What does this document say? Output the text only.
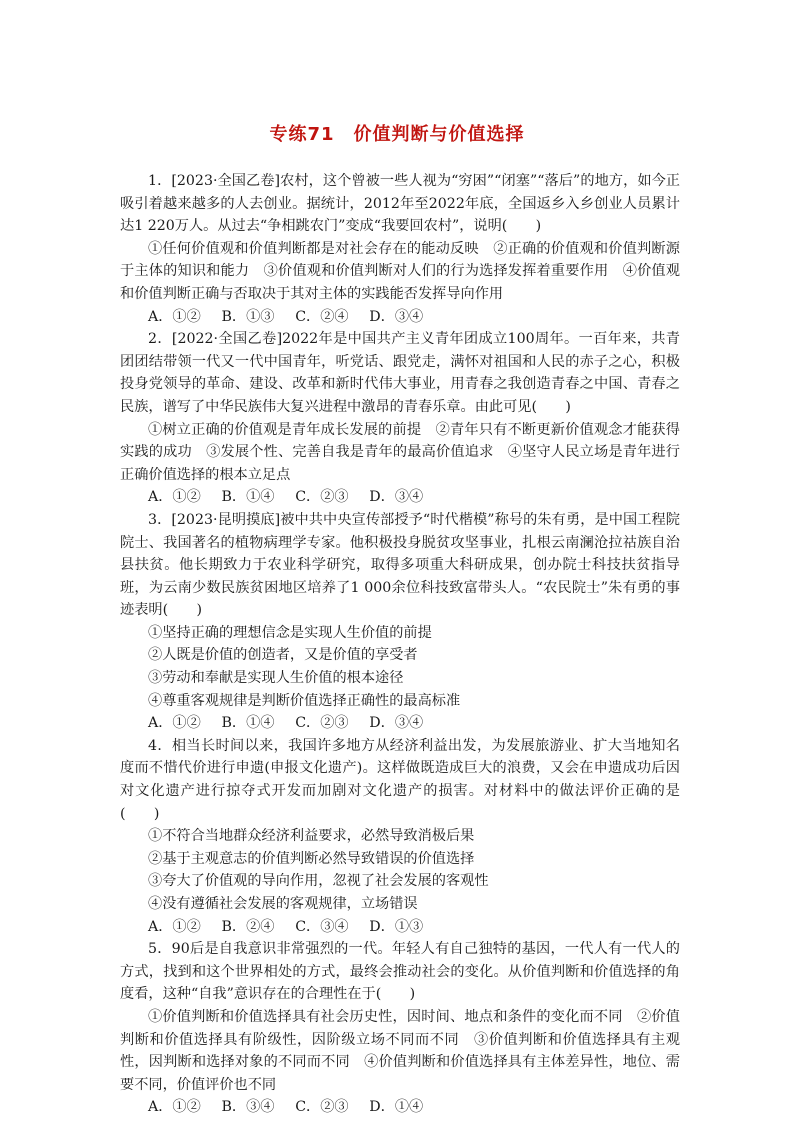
专练71　价值判断与价值选择

1．[2023·全国乙卷]农村，这个曾被一些人视为“穷困”“闭塞”“落后”的地方，如今正吸引着越来越多的人去创业。据统计，2012年至2022年底，全国返乡入乡创业人员累计达1 220万人。从过去“争相跳农门”变成“我要回农村”，说明(　　)

①任何价值观和价值判断都是对社会存在的能动反映　②正确的价值观和价值判断源于主体的知识和能力　③价值观和价值判断对人们的行为选择发挥着重要作用　④价值观和价值判断正确与否取决于其对主体的实践能否发挥导向作用

A．①②　 B．①③　 C．②④　 D．③④

2．[2022·全国乙卷]2022年是中国共产主义青年团成立100周年。一百年来，共青团团结带领一代又一代中国青年，听党话、跟党走，满怀对祖国和人民的赤子之心，积极投身党领导的革命、建设、改革和新时代伟大事业，用青春之我创造青春之中国、青春之民族，谱写了中华民族伟大复兴进程中激昂的青春乐章。由此可见(　　)

①树立正确的价值观是青年成长发展的前提　②青年只有不断更新价值观念才能获得实践的成功　③发展个性、完善自我是青年的最高价值追求　④坚守人民立场是青年进行正确价值选择的根本立足点

A．①②　 B．①④　 C．②③　 D．③④

3．[2023·昆明摸底]被中共中央宣传部授予“时代楷模”称号的朱有勇，是中国工程院院士、我国著名的植物病理学专家。他积极投身脱贫攻坚事业，扎根云南澜沧拉祜族自治县扶贫。他长期致力于农业科学研究，取得多项重大科研成果，创办院士科技扶贫指导班，为云南少数民族贫困地区培养了1 000余位科技致富带头人。“农民院士”朱有勇的事迹表明(　　)

①坚持正确的理想信念是实现人生价值的前提

②人既是价值的创造者，又是价值的享受者

③劳动和奉献是实现人生价值的根本途径

④尊重客观规律是判断价值选择正确性的最高标准

A．①②　 B．①④　 C．②③　 D．③④

4．相当长时间以来，我国许多地方从经济利益出发，为发展旅游业、扩大当地知名度而不惜代价进行申遗(申报文化遗产)。这样做既造成巨大的浪费，又会在申遗成功后因对文化遗产进行掠夺式开发而加剧对文化遗产的损害。对材料中的做法评价正确的是(　　)

①不符合当地群众经济利益要求，必然导致消极后果

②基于主观意志的价值判断必然导致错误的价值选择

③夸大了价值观的导向作用，忽视了社会发展的客观性

④没有遵循社会发展的客观规律，立场错误

A．①②　 B．②④　 C．③④　 D．①③

5．90后是自我意识非常强烈的一代。年轻人有自己独特的基因，一代人有一代人的方式，找到和这个世界相处的方式，最终会推动社会的变化。从价值判断和价值选择的角度看，这种“自我”意识存在的合理性在于(　　)

①价值判断和价值选择具有社会历史性，因时间、地点和条件的变化而不同　②价值判断和价值选择具有阶级性，因阶级立场不同而不同　③价值判断和价值选择具有主观性，因判断和选择对象的不同而不同　④价值判断和价值选择具有主体差异性，地位、需要不同，价值评价也不同

A．①②　 B．③④　 C．②③　 D．①④
